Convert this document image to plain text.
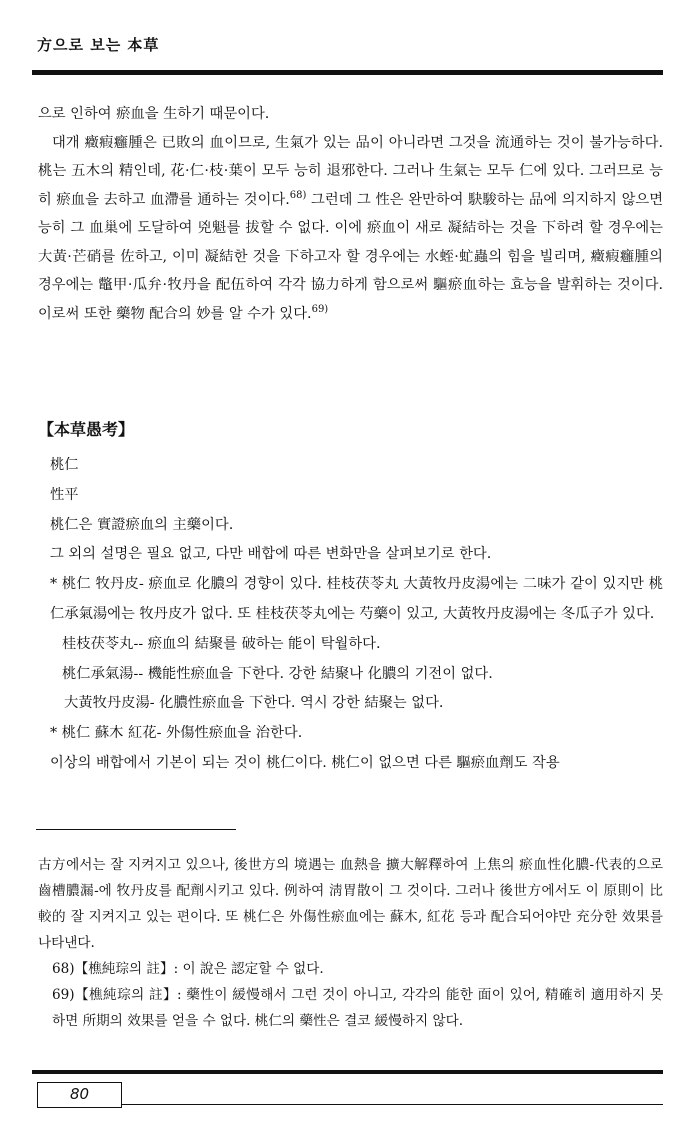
方으로 보는 本草

으로 인하여 瘀血을 生하기 때문이다.

대개 癥瘕癰腫은 已敗의 血이므로, 生氣가 있는 品이 아니라면 그것을 流通하는 것이 불가능하다. 桃는 五木의 精인데, 花·仁·枝·葉이 모두 능히 退邪한다. 그러나 生氣는 모두 仁에 있다. 그러므로 능히 瘀血을 去하고 血滯를 通하는 것이다.$^{68)}$ 그런데 그 性은 완만하여 駃駿하는 品에 의지하지 않으면 능히 그 血巢에 도달하여 兇魁를 拔할 수 없다. 이에 瘀血이 새로 凝結하는 것을 下하려 할 경우에는 大黃·芒硝를 佐하고, 이미 凝結한 것을 下하고자 할 경우에는 水蛭·虻蟲의 힘을 빌리며, 癥瘕癰腫의 경우에는 鼈甲·瓜弁·牧丹을 配伍하여 각각 協力하게 함으로써 驅瘀血하는 효능을 발휘하는 것이다. 이로써 또한 藥物 配合의 妙를 알 수가 있다.$^{69)}$

【本草愚考】

桃仁

性平

桃仁은 實證瘀血의 主藥이다.

그 외의 설명은 필요 없고, 다만 배합에 따른 변화만을 살펴보기로 한다.

* 桃仁 牧丹皮- 瘀血로 化膿의 경향이 있다. 桂枝茯苓丸 大黃牧丹皮湯에는 二味가 같이 있지만 桃仁承氣湯에는 牧丹皮가 없다. 또 桂枝茯苓丸에는 芍藥이 있고, 大黃牧丹皮湯에는 冬瓜子가 있다.

桂枝茯苓丸-- 瘀血의 結聚를 破하는 能이 탁월하다.

桃仁承氣湯-- 機能性瘀血을 下한다. 강한 結聚나 化膿의 기전이 없다.

大黃牧丹皮湯- 化膿性瘀血을 下한다. 역시 강한 結聚는 없다.

* 桃仁 蘇木 紅花- 外傷性瘀血을 治한다.

이상의 배합에서 기본이 되는 것이 桃仁이다. 桃仁이 없으면 다른 驅瘀血劑도 작용

古方에서는 잘 지켜지고 있으나, 後世方의 境遇는 血熱을 擴大解釋하여 上焦의 瘀血性化膿-代表的으로 齒槽膿漏-에 牧丹皮를 配劑시키고 있다. 例하여 淸胃散이 그 것이다. 그러나 後世方에서도 이 原則이 比較的 잘 지켜지고 있는 편이다. 또 桃仁은 外傷性瘀血에는 蘇木, 紅花 등과 配合되어야만 充分한 效果를 나타낸다.

68)【樵純琮의 註】: 이 說은 認定할 수 없다.

69)【樵純琮의 註】: 藥性이 緩慢해서 그런 것이 아니고, 각각의 能한 面이 있어, 精確히 適用하지 못하면 所期의 效果를 얻을 수 없다. 桃仁의 藥性은 결코 緩慢하지 않다.

80
